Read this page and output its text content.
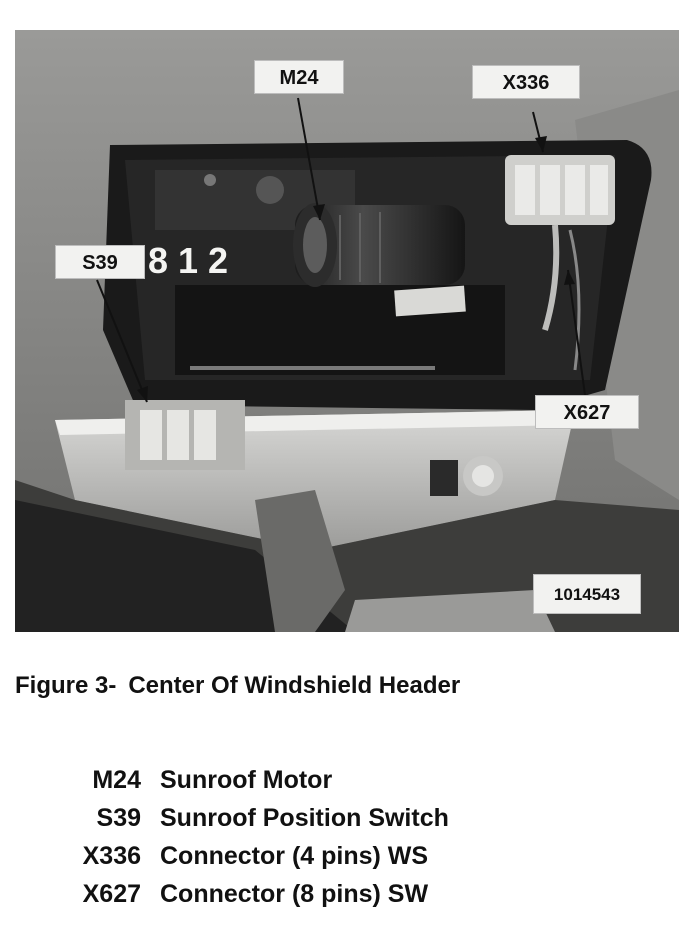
8 1 2
M24	X336
S39
X627
1014543
Figure 3- Center Of Windshield Header
M24 Sunroof Motor
S39 Sunroof Position Switch
X336 Connector (4 pins) WS
X627 Connector (8 pins) SW
